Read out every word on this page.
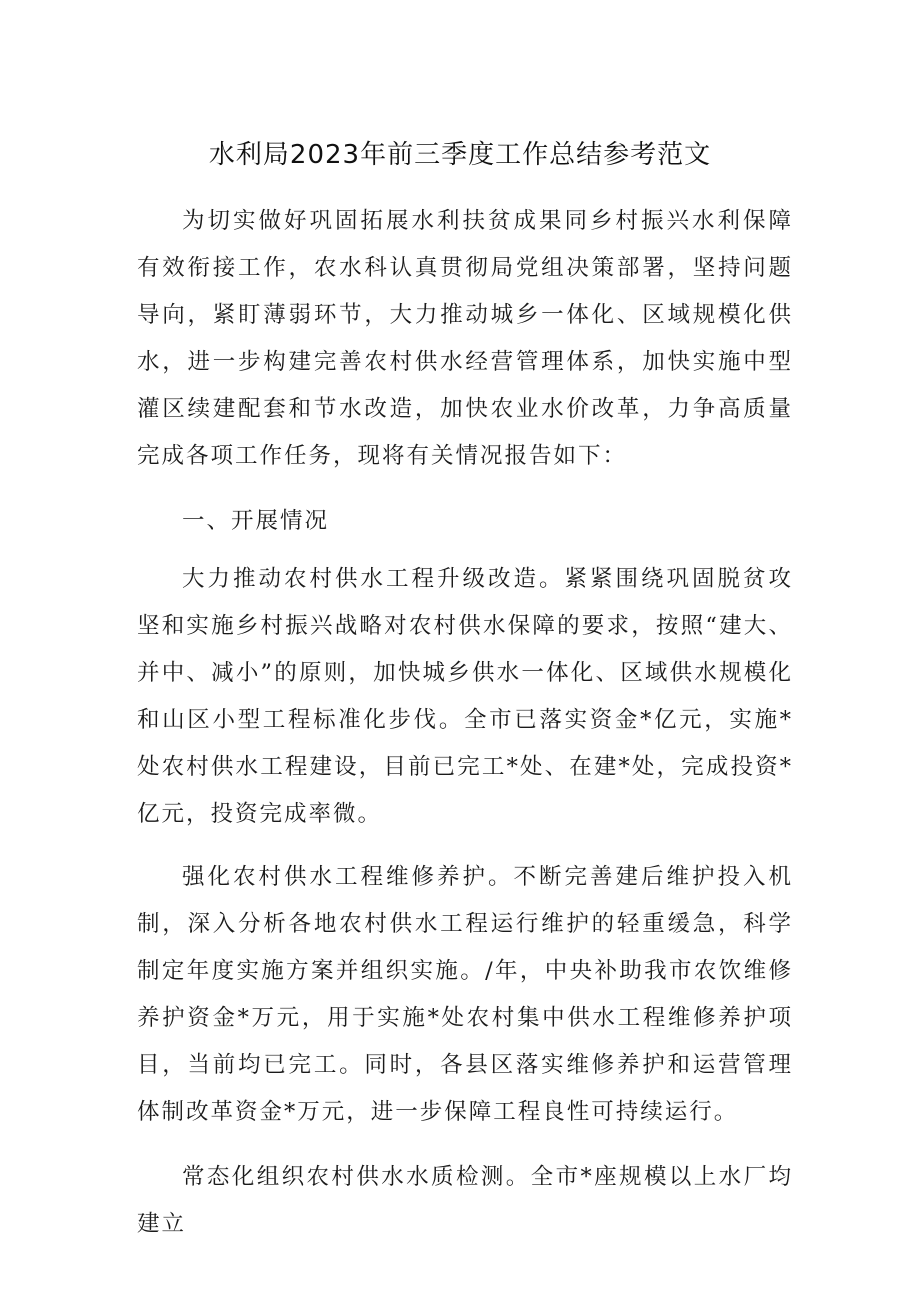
水利局2023年前三季度工作总结参考范文

为切实做好巩固拓展水利扶贫成果同乡村振兴水利保障有效衔接工作，农水科认真贯彻局党组决策部署，坚持问题导向，紧盯薄弱环节，大力推动城乡一体化、区域规模化供水，进一步构建完善农村供水经营管理体系，加快实施中型灌区续建配套和节水改造，加快农业水价改革，力争高质量完成各项工作任务，现将有关情况报告如下：

一、开展情况

大力推动农村供水工程升级改造。紧紧围绕巩固脱贫攻坚和实施乡村振兴战略对农村供水保障的要求，按照“建大、并中、减小”的原则，加快城乡供水一体化、区域供水规模化和山区小型工程标准化步伐。全市已落实资金*亿元，实施*处农村供水工程建设，目前已完工*处、在建*处，完成投资*亿元，投资完成率微。

强化农村供水工程维修养护。不断完善建后维护投入机制，深入分析各地农村供水工程运行维护的轻重缓急，科学制定年度实施方案并组织实施。/年，中央补助我市农饮维修养护资金*万元，用于实施*处农村集中供水工程维修养护项目，当前均已完工。同时，各县区落实维修养护和运营管理体制改革资金*万元，进一步保障工程良性可持续运行。

常态化组织农村供水水质检测。全市*座规模以上水厂均建立
